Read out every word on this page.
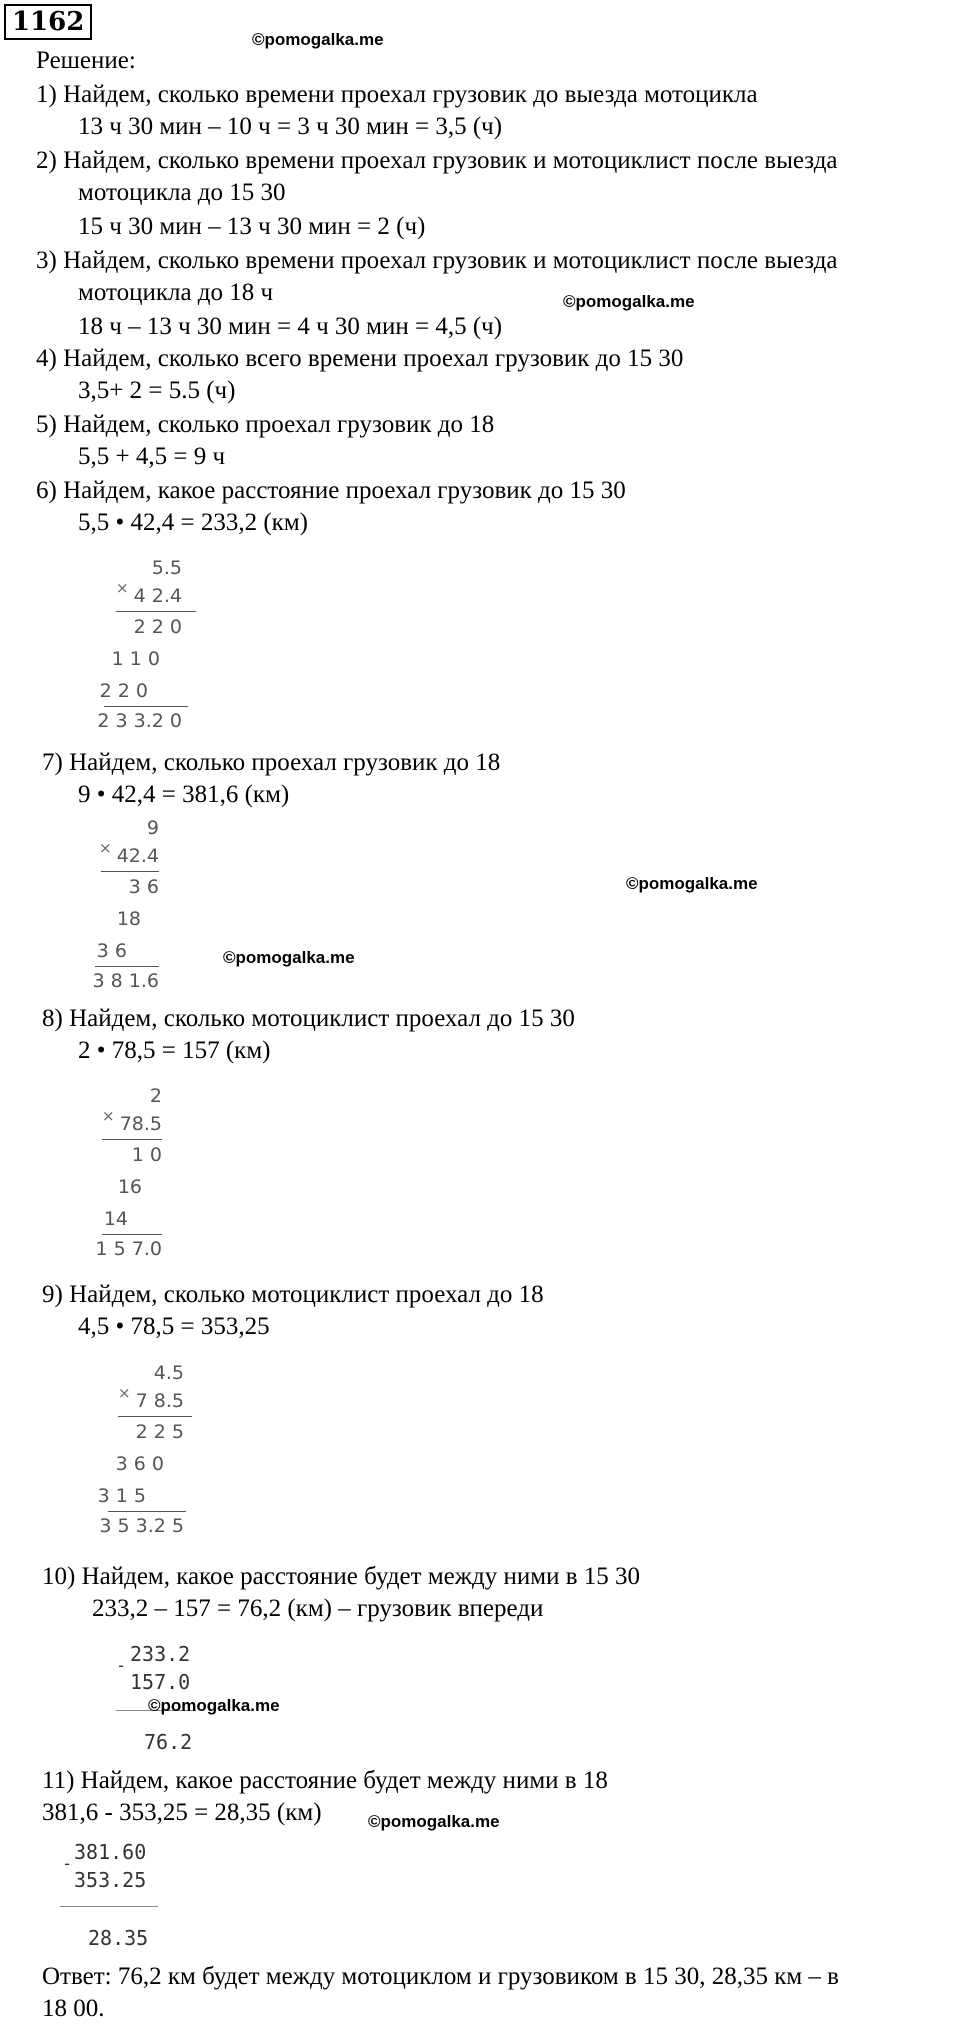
1162
©pomogalka.me
Решение:
1) Найдем, сколько времени проехал грузовик до выезда мотоцикла
13 ч 30 мин – 10 ч = 3 ч 30 мин = 3,5 (ч)
2) Найдем, сколько времени проехал грузовик и мотоциклист после выезда
мотоцикла до 15 30
15 ч 30 мин – 13 ч 30 мин = 2 (ч)
3) Найдем, сколько времени проехал грузовик и мотоциклист после выезда
мотоцикла до 18 ч	©pomogalka.me
18 ч – 13 ч 30 мин = 4 ч 30 мин = 4,5 (ч)
4) Найдем, сколько всего времени проехал грузовик до 15 30
3,5+ 2 = 5.5 (ч)
5) Найдем, сколько проехал грузовик до 18
5,5 + 4,5 = 9 ч
6) Найдем, какое расстояние проехал грузовик до 15 30
5,5 • 42,4 = 233,2 (км)
5.5
× 4 2.4
2 2 0
1 1 0
2 2 0
2 3 3.2 0
7) Найдем, сколько проехал грузовик до 18
9 • 42,4 = 381,6 (км)
9
× 42.4
3 6
18
3 6
3 8 1.6
©pomogalka.me
©pomogalka.me
8) Найдем, сколько мотоциклист проехал до 15 30
2 • 78,5 = 157 (км)
2
× 78.5
1 0
16
14
1 5 7.0
9) Найдем, сколько мотоциклист проехал до 18
4,5 • 78,5 = 353,25
4.5
× 7 8.5
2 2 5
3 6 0
3 1 5
3 5 3.2 5
10) Найдем, какое расстояние будет между ними в 15 30
233,2 – 157 = 76,2 (км) – грузовик впереди
233.2
-
157.0
76.2
©pomogalka.me
11) Найдем, какое расстояние будет между ними в 18
381,6 - 353,25 = 28,35 (км)	©pomogalka.me
381.60
-
353.25
28.35
Ответ: 76,2 км будет между мотоциклом и грузовиком в 15 30, 28,35 км – в
18 00.
